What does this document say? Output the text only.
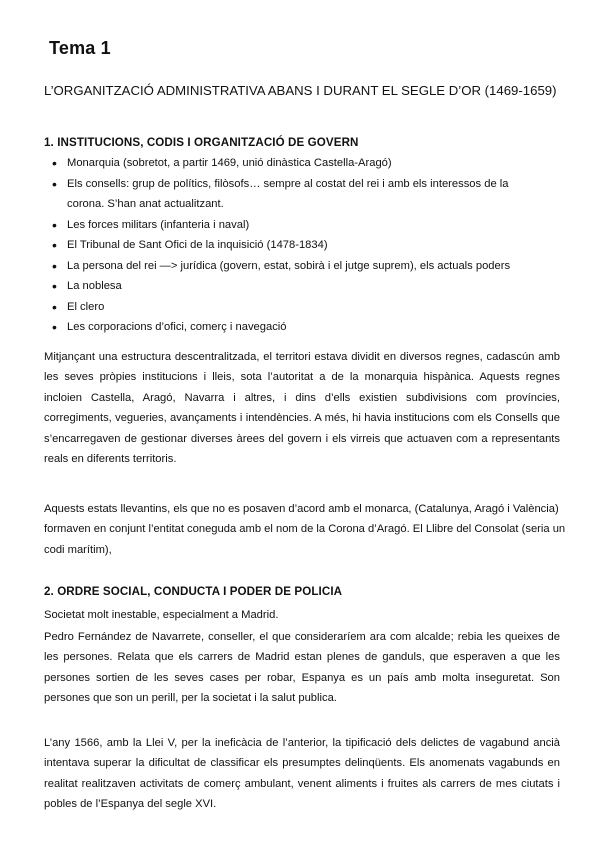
Tema 1
L’ORGANITZACIÓ ADMINISTRATIVA ABANS I DURANT EL SEGLE D’OR (1469-1659)
1. INSTITUCIONS, CODIS I ORGANITZACIÓ DE GOVERN
• Monarquia (sobretot, a partir 1469, unió dinàstica Castella-Aragó)
• Els consells: grup de polítics, filòsofs… sempre al costat del rei i amb els interessos de la corona. S’han anat actualitzant.
• Les forces militars (infanteria i naval)
• El Tribunal de Sant Ofici de la inquisició (1478-1834)
• La persona del rei —> jurídica (govern, estat, sobirà i el jutge suprem), els actuals poders
• La noblesa
• El clero
• Les corporacions d’ofici, comerç i navegació

Mitjançant una estructura descentralitzada, el territori estava dividit en diversos regnes, cadascún amb les seves pròpies institucions i lleis, sota l’autoritat a de la monarquia hispànica. Aquests regnes incloien Castella, Aragó, Navarra i altres, i dins d’ells existien subdivisions com províncies, corregiments, vegueries, avançaments i intendències. A més, hi havia institucions com els Consells que s’encarregaven de gestionar diverses àrees del govern i els virreis que actuaven com a representants reals en diferents territoris.

Aquests estats llevantins, els que no es posaven d’acord amb el monarca, (Catalunya, Aragó i València) formaven en conjunt l’entitat coneguda amb el nom de la Corona d’Aragó. El Llibre del Consolat (seria un codi marítim),

2. ORDRE SOCIAL, CONDUCTA I PODER DE POLICIA

Societat molt inestable, especialment a Madrid.

Pedro Fernández de Navarrete, conseller, el que consideraríem ara com alcalde; rebia les queixes de les persones. Relata que els carrers de Madrid estan plenes de ganduls, que esperaven a que les persones sortien de les seves cases per robar, Espanya es un país amb molta inseguretat. Son persones que son un perill, per la societat i la salut publica.

L’any 1566, amb la Llei V, per la ineficàcia de l’anterior, la tipificació dels delictes de vagabund ancià intentava superar la dificultat de classificar els presumptes delinqüents. Els anomenats vagabunds en realitat realitzaven activitats de comerç ambulant, venent aliments i fruites als carrers de mes ciutats i pobles de l’Espanya del segle XVI.
